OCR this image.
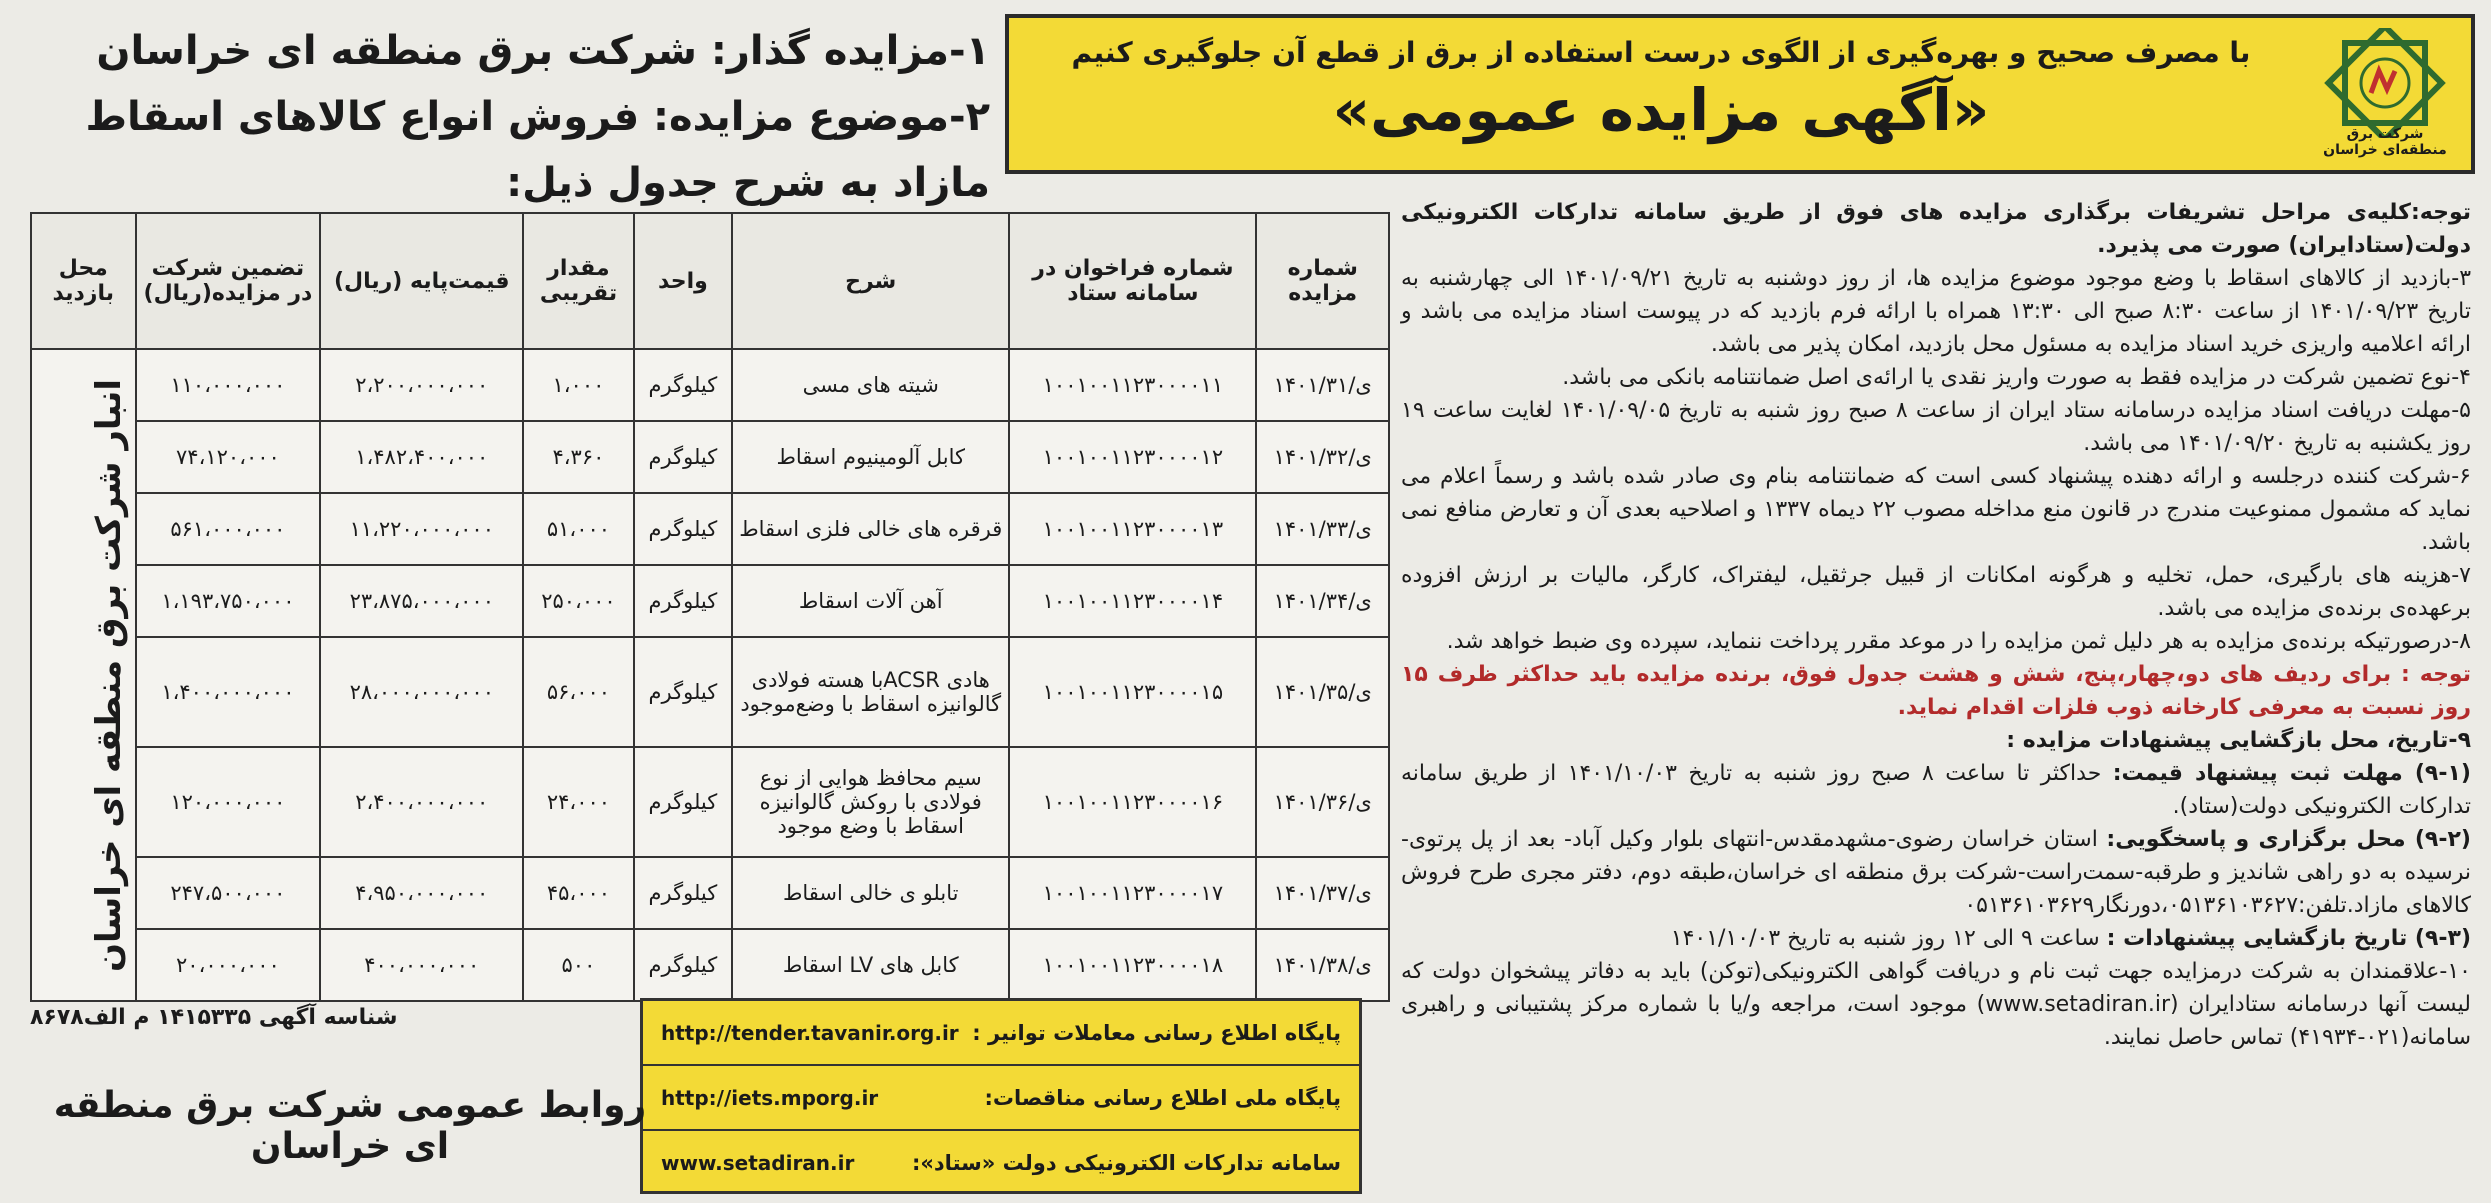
شرکت برق منطقه‌ای خراسان
با مصرف صحیح و بهره‌گیری از الگوی درست استفاده از برق از قطع آن جلوگیری کنیم
«آگهی مزایده عمومی»
۱-مزایده گذار: شرکت برق منطقه ای خراسان
۲-موضوع مزایده: فروش انواع کالاهای اسقاط مازاد به شرح جدول ذیل:
شماره مزایده	شماره فراخوان در سامانه ستاد	شرح	واحد	مقدار تقریبی	قیمت‌پایه (ریال)	تضمین شرکت در مزایده(ریال)	محل بازدید
ی/۱۴۰۱/۳۱	۱۰۰۱۰۰۱۱۲۳۰۰۰۰۱۱	شیته های مسی	کیلوگرم	۱،۰۰۰	۲،۲۰۰،۰۰۰،۰۰۰	۱۱۰،۰۰۰،۰۰۰	انبار شرکت برق منطقه ای خراسان

ی/۱۴۰۱/۳۲	۱۰۰۱۰۰۱۱۲۳۰۰۰۰۱۲	کابل آلومینیوم اسقاط	کیلوگرم	۴،۳۶۰	۱،۴۸۲،۴۰۰،۰۰۰	۷۴،۱۲۰،۰۰۰	
ی/۱۴۰۱/۳۳	۱۰۰۱۰۰۱۱۲۳۰۰۰۰۱۳	قرقره های خالی فلزی اسقاط	کیلوگرم	۵۱،۰۰۰	۱۱،۲۲۰،۰۰۰،۰۰۰	۵۶۱،۰۰۰،۰۰۰	
ی/۱۴۰۱/۳۴	۱۰۰۱۰۰۱۱۲۳۰۰۰۰۱۴	آهن آلات اسقاط	کیلوگرم	۲۵۰،۰۰۰	۲۳،۸۷۵،۰۰۰،۰۰۰	۱،۱۹۳،۷۵۰،۰۰۰	
ی/۱۴۰۱/۳۵	۱۰۰۱۰۰۱۱۲۳۰۰۰۰۱۵	هادی ACSRبا هسته فولادی گالوانیزه اسقاط با وضع‌موجود	کیلوگرم	۵۶،۰۰۰	۲۸،۰۰۰،۰۰۰،۰۰۰	۱،۴۰۰،۰۰۰،۰۰۰	
ی/۱۴۰۱/۳۶	۱۰۰۱۰۰۱۱۲۳۰۰۰۰۱۶	سیم محافظ هوایی از نوع فولادی با روکش گالوانیزه اسقاط با وضع موجود	کیلوگرم	۲۴،۰۰۰	۲،۴۰۰،۰۰۰،۰۰۰	۱۲۰،۰۰۰،۰۰۰	
ی/۱۴۰۱/۳۷	۱۰۰۱۰۰۱۱۲۳۰۰۰۰۱۷	تابلو ی خالی اسقاط	کیلوگرم	۴۵،۰۰۰	۴،۹۵۰،۰۰۰،۰۰۰	۲۴۷،۵۰۰،۰۰۰	
ی/۱۴۰۱/۳۸	۱۰۰۱۰۰۱۱۲۳۰۰۰۰۱۸	کابل های LV اسقاط	کیلوگرم	۵۰۰	۴۰۰،۰۰۰،۰۰۰	۲۰،۰۰۰،۰۰۰	
پایگاه اطلاع رسانی معاملات توانیر :
http://tender.tavanir.org.ir
پایگاه ملی اطلاع رسانی مناقصات:
http://iets.mporg.ir
سامانه تدارکات الکترونیکی دولت «ستاد»:
www.setadiran.ir
شناسه آگهی ۱۴۱۵۳۳۵ م الف۸۶۷۸
روابط عمومی شرکت برق منطقه ای خراسان

توجه:کلیه‌ی مراحل تشریفات برگذاری مزایده های فوق از طریق سامانه تدارکات الکترونیکی دولت(ستادایران) صورت می پذیرد.

۳-بازدید از کالاهای اسقاط با وضع موجود موضوع مزایده ها، از روز دوشنبه به تاریخ ۱۴۰۱/۰۹/۲۱ الی چهارشنبه به تاریخ ۱۴۰۱/۰۹/۲۳ از ساعت ۸:۳۰ صبح الی ۱۳:۳۰ همراه با ارائه فرم بازدید که در پیوست اسناد مزایده می باشد و ارائه اعلامیه واریزی خرید اسناد مزایده به مسئول محل بازدید، امکان پذیر می باشد.

۴-نوع تضمین شرکت در مزایده فقط به صورت واریز نقدی یا ارائه‌ی اصل ضمانتنامه بانکی می باشد.

۵-مهلت دریافت اسناد مزایده درسامانه ستاد ایران از ساعت ۸ صبح روز شنبه به تاریخ ۱۴۰۱/۰۹/۰۵ لغایت ساعت ۱۹ روز یکشنبه به تاریخ ۱۴۰۱/۰۹/۲۰ می باشد.

۶-شرکت کننده درجلسه و ارائه دهنده پیشنهاد کسی است که ضمانتنامه بنام وی صادر شده باشد و رسماً اعلام می نماید که مشمول ممنوعیت مندرج در قانون منع مداخله مصوب ۲۲ دیماه ۱۳۳۷ و اصلاحیه بعدی آن و تعارض منافع نمی باشد.

۷-هزینه های بارگیری، حمل، تخلیه و هرگونه امکانات از قبیل جرثقیل، لیفتراک، کارگر، مالیات بر ارزش افزوده برعهده‌ی برنده‌ی مزایده می باشد.

۸-درصورتیکه برنده‌ی مزایده به هر دلیل ثمن مزایده را در موعد مقرر پرداخت ننماید، سپرده وی ضبط خواهد شد.

توجه : برای ردیف های دو،چهار،پنج، شش و هشت جدول فوق، برنده مزایده باید حداکثر ظرف ۱۵ روز نسبت به معرفی کارخانه ذوب فلزات اقدام نماید.

۹-تاریخ، محل بازگشایی پیشنهادات مزایده :

(۹-۱) مهلت ثبت پیشنهاد قیمت: حداکثر تا ساعت ۸ صبح روز شنبه به تاریخ ۱۴۰۱/۱۰/۰۳ از طریق سامانه تدارکات الکترونیکی دولت(ستاد).

(۹-۲) محل برگزاری و پاسخگویی: استان خراسان رضوی-مشهدمقدس-انتهای بلوار وکیل آباد- بعد از پل پرتوی- نرسیده به دو راهی شاندیز و طرقبه-سمت‌راست-شرکت برق منطقه ای خراسان،طبقه دوم، دفتر مجری طرح فروش کالاهای مازاد.تلفن:۰۵۱۳۶۱۰۳۶۲۷،دورنگار۰۵۱۳۶۱۰۳۶۲۹

(۹-۳) تاریخ بازگشایی پیشنهادات : ساعت ۹ الی ۱۲ روز شنبه به تاریخ ۱۴۰۱/۱۰/۰۳

۱۰-علاقمندان به شرکت درمزایده جهت ثبت نام و دریافت گواهی الکترونیکی(توکن) باید به دفاتر پیشخوان دولت که لیست آنها درسامانه ستادایران (www.setadiran.ir) موجود است، مراجعه و/یا با شماره مرکز پشتیبانی و راهبری سامانه(۰۲۱-۴۱۹۳۴) تماس حاصل نمایند.
